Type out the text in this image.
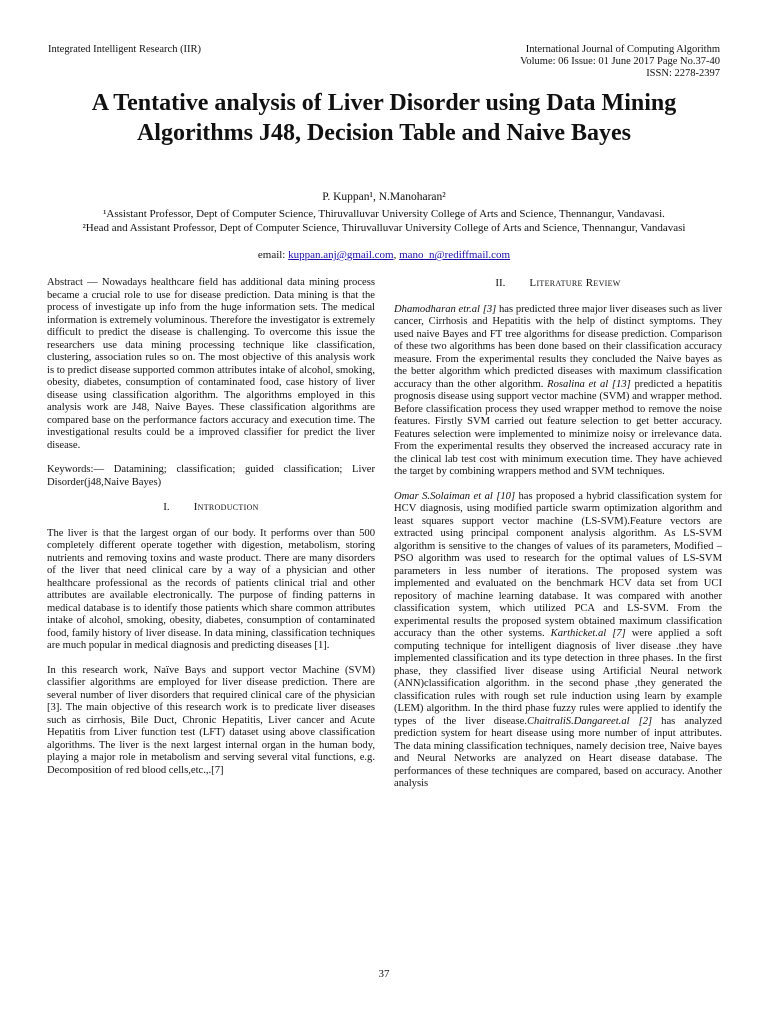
Integrated Intelligent Research (IIR)	International Journal of Computing Algorithm
Volume: 06 Issue: 01 June 2017 Page No.37-40
ISSN: 2278-2397
A Tentative analysis of Liver Disorder using Data Mining Algorithms J48, Decision Table and Naive Bayes
P. Kuppan¹, N.Manoharan²
¹Assistant Professor, Dept of Computer Science, Thiruvalluvar University College of Arts and Science, Thennangur, Vandavasi.
²Head and Assistant Professor, Dept of Computer Science, Thiruvalluvar University College of Arts and Science, Thennangur, Vandavasi
email: kuppan.anj@gmail.com, mano_n@rediffmail.com

Abstract — Nowadays healthcare field has additional data mining process became a crucial role to use for disease prediction. Data mining is that the process of investigate up info from the huge information sets. The medical information is extremely voluminous. Therefore the investigator is extremely difficult to predict the disease is challenging. To overcome this issue the researchers use data mining processing technique like classification, clustering, association rules so on. The most objective of this analysis work is to predict disease supported common attributes intake of alcohol, smoking, obesity, diabetes, consumption of contaminated food, case history of liver disease using classification algorithm. The algorithms employed in this analysis work are J48, Naive Bayes. These classification algorithms are compared base on the performance factors accuracy and execution time. The investigational results could be a improved classifier for predict the liver disease.

Keywords:— Datamining; classification; guided classification; Liver Disorder(j48,Naive Bayes)

I. Introduction

The liver is that the largest organ of our body. It performs over than 500 completely different operate together with digestion, metabolism, storing nutrients and removing toxins and waste product. There are many disorders of the liver that need clinical care by a way of a physician and other healthcare professional as the records of patients clinical trial and other attributes are available electronically. The purpose of finding patterns in medical database is to identify those patients which share common attributes intake of alcohol, smoking, obesity, diabetes, consumption of contaminated food, family history of liver disease. In data mining, classification techniques are much popular in medical diagnosis and predicting diseases [1].

In this research work, Naïve Bays and support vector Machine (SVM) classifier algorithms are employed for liver disease prediction. There are several number of liver disorders that required clinical care of the physician [3]. The main objective of this research work is to predicate liver diseases such as cirrhosis, Bile Duct, Chronic Hepatitis, Liver cancer and Acute Hepatitis from Liver function test (LFT) dataset using above classification algorithms. The liver is the next largest internal organ in the human body, playing a major role in metabolism and serving several vital functions, e.g. Decomposition of red blood cells,etc.,.[7]

II. Literature Review

Dhamodharan etr.al [3] has predicted three major liver diseases such as liver cancer, Cirrhosis and Hepatitis with the help of distinct symptoms. They used naive Bayes and FT tree algorithms for disease prediction. Comparison of these two algorithms has been done based on their classification accuracy measure. From the experimental results they concluded the Naive bayes as the better algorithm which predicted diseases with maximum classification accuracy than the other algorithm. Rosalina et al [13] predicted a hepatitis prognosis disease using support vector machine (SVM) and wrapper method. Before classification process they used wrapper method to remove the noise features. Firstly SVM carried out feature selection to get better accuracy. Features selection were implemented to minimize noisy or irrelevance data. From the experimental results they observed the increased accuracy rate in the clinical lab test cost with minimum execution time. They have achieved the target by combining wrappers method and SVM techniques.

Omar S.Solaiman et al [10] has proposed a hybrid classification system for HCV diagnosis, using modified particle swarm optimization algorithm and least squares support vector machine (LS-SVM).Feature vectors are extracted using principal component analysis algorithm. As LS-SVM algorithm is sensitive to the changes of values of its parameters, Modified –PSO algorithm was used to research for the optimal values of LS-SVM parameters in less number of iterations. The proposed system was implemented and evaluated on the benchmark HCV data set from UCI repository of machine learning database. It was compared with another classification system, which utilized PCA and LS-SVM. From the experimental results the proposed system obtained maximum classification accuracy than the other systems. Karthicket.al [7] were applied a soft computing technique for intelligent diagnosis of liver disease .they have implemented classification and its type detection in three phases. In the first phase, they classified liver disease using Artificial Neural network (ANN)classification algorithm. in the second phase ,they generated the classification rules with rough set rule induction using learn by example (LEM) algorithm. In the third phase fuzzy rules were applied to identify the types of the liver disease.ChaitraliS.Dangareet.al [2] has analyzed prediction system for heart disease using more number of input attributes. The data mining classification techniques, namely decision tree, Naive bayes and Neural Networks are analyzed on Heart disease database. The performances of these techniques are compared, based on accuracy. Another analysis

37
